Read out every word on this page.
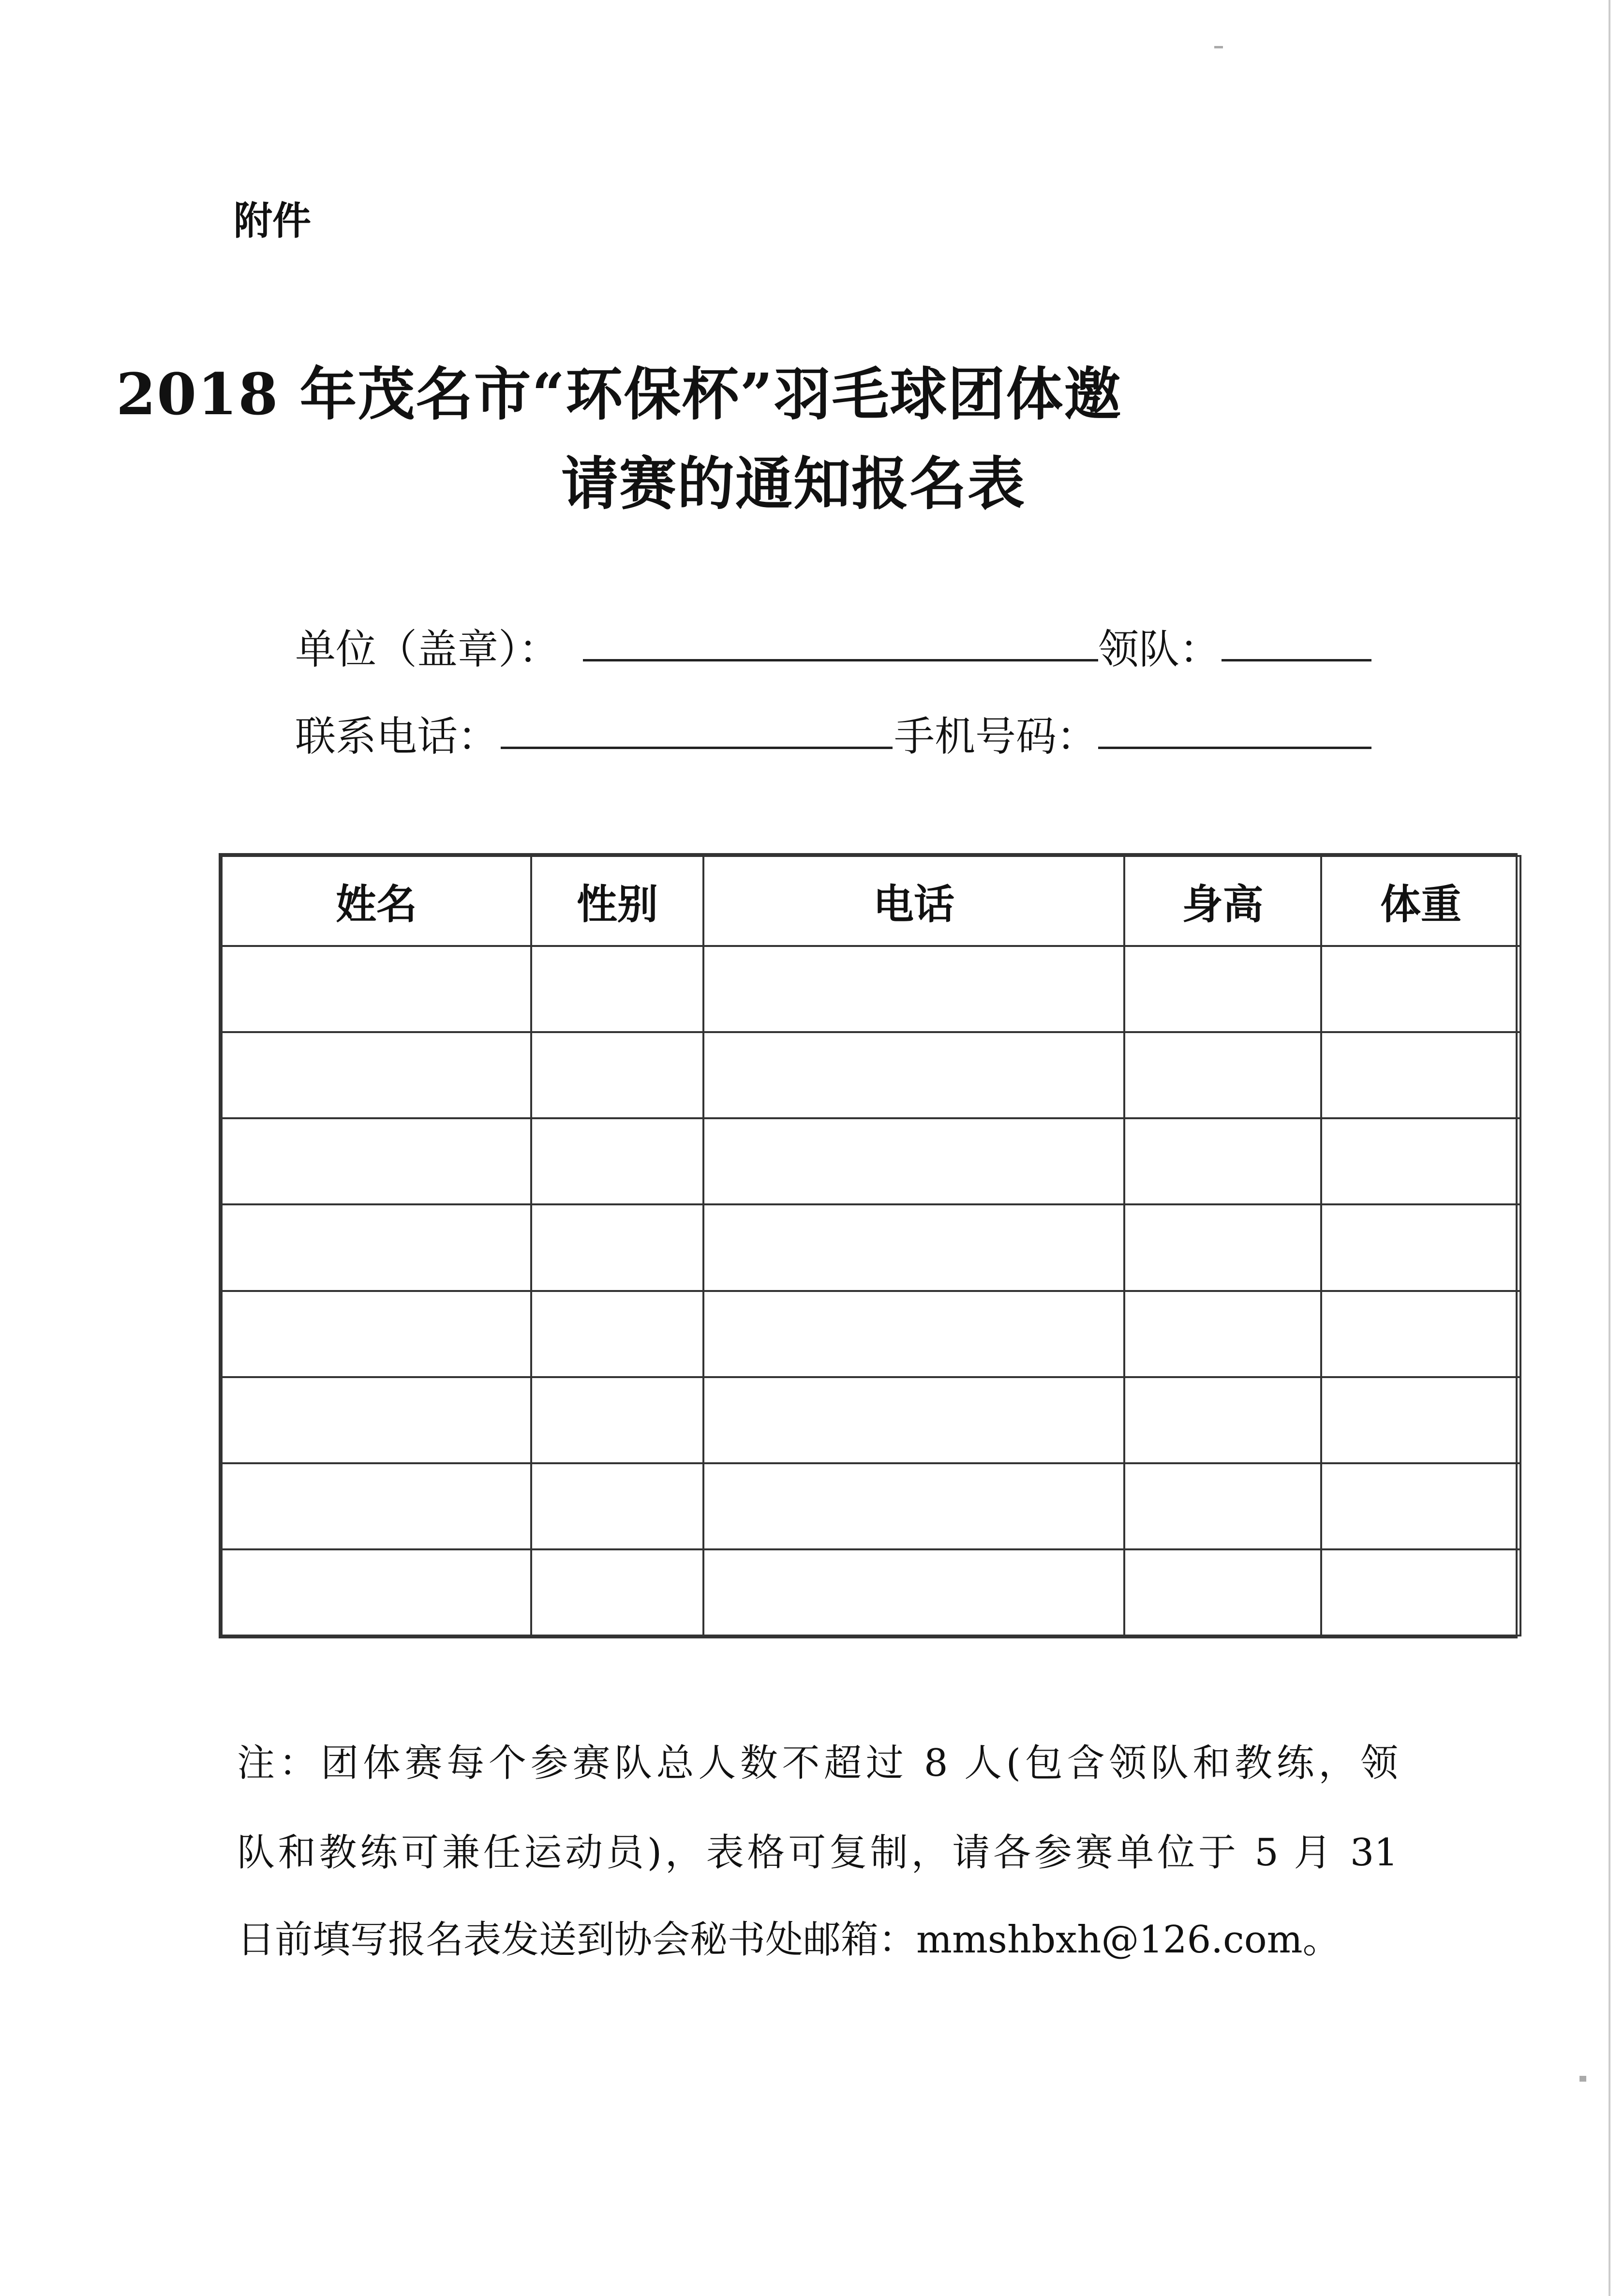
附件
2018 年茂名市“环保杯”羽毛球团体邀
请赛的通知报名表
单位（盖章）：	领队：
联系电话：	手机号码：
姓名	性别	电话	身高	体重

注：团体赛每个参赛队总人数不超过 8 人(包含领队和教练，领
队和教练可兼任运动员)，表格可复制，请各参赛单位于 5 月 31
日前填写报名表发送到协会秘书处邮箱：mmshbxh@126.com。
